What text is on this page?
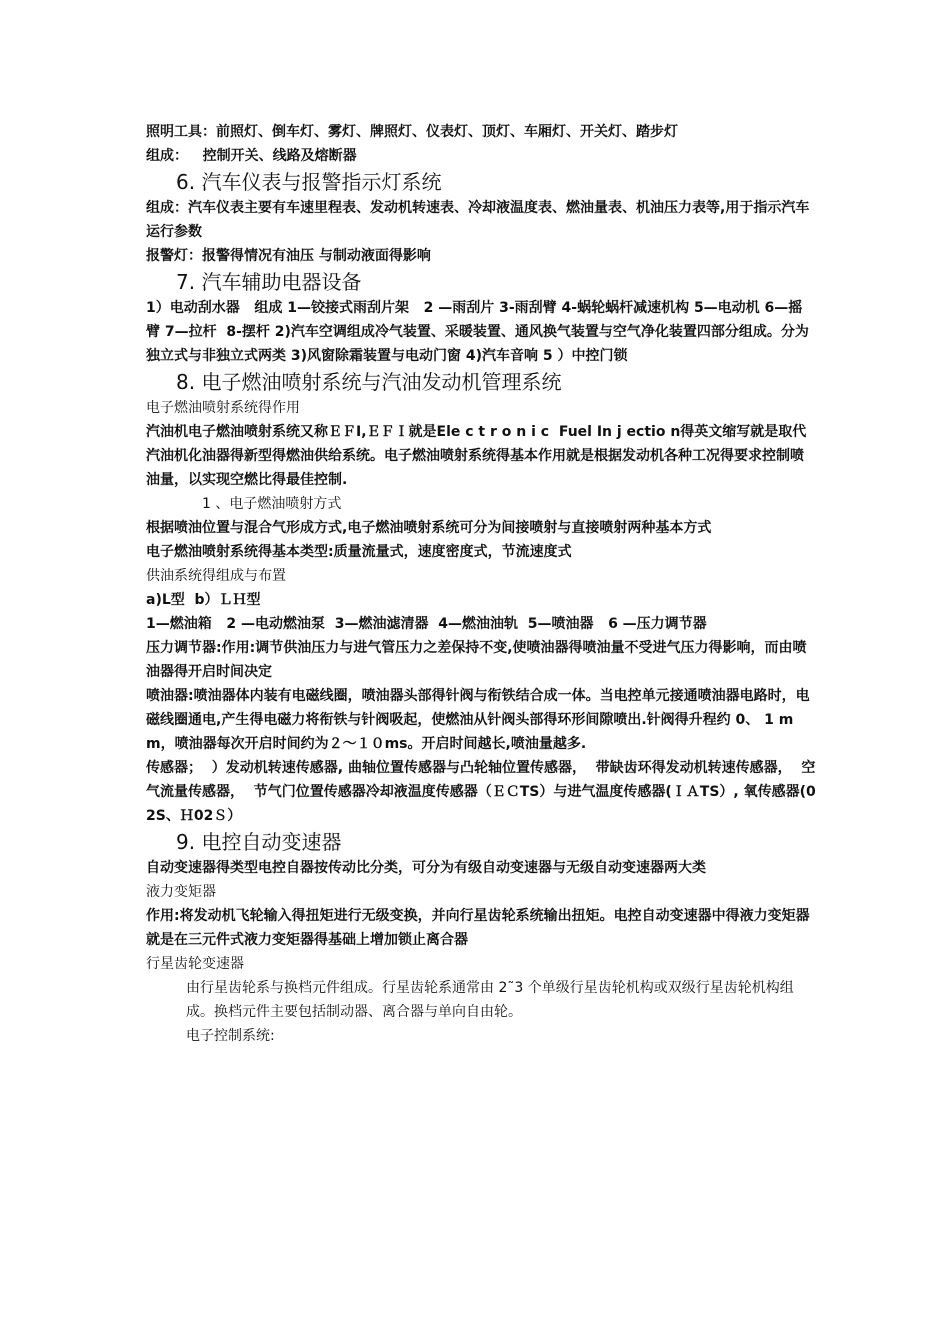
照明工具：前照灯、倒车灯、雾灯、牌照灯、仪表灯、顶灯、车厢灯、开关灯、踏步灯

组成：   控制开关、线路及熔断器

6. 汽车仪表与报警指示灯系统

组成：汽车仪表主要有车速里程表、发动机转速表、冷却液温度表、燃油量表、机油压力表等,用于指示汽车运行参数

报警灯：报警得情况有油压 与制动液面得影响

7. 汽车辅助电器设备

1）电动刮水器   组成 1—铰接式雨刮片架   2 —雨刮片 3-雨刮臂 4-蜗轮蜗杆减速机构 5—电动机 6—摇臂 7—拉杆  8-摆杆 2)汽车空调组成冷气装置、采暖装置、通风换气装置与空气净化装置四部分组成。分为独立式与非独立式两类 3)风窗除霜装置与电动门窗 4)汽车音响 5 ）中控门锁

8. 电子燃油喷射系统与汽油发动机管理系统

电子燃油喷射系统得作用

汽油机电子燃油喷射系统又称ＥＦI,ＥＦＩ就是Ele c t r o n i c  Fuel In j ectio n得英文缩写就是取代汽油机化油器得新型得燃油供给系统。电子燃油喷射系统得基本作用就是根据发动机各种工况得要求控制喷油量，以实现空燃比得最佳控制.

1 、电子燃油喷射方式

根据喷油位置与混合气形成方式,电子燃油喷射系统可分为间接喷射与直接喷射两种基本方式

电子燃油喷射系统得基本类型:质量流量式，速度密度式，节流速度式

供油系统得组成与布置

a)L型  b）ＬＨ型

1—燃油箱   2 —电动燃油泵  3—燃油滤清器  4—燃油油轨  5—喷油器   6 —压力调节器

压力调节器:作用:调节供油压力与进气管压力之差保持不变,使喷油器得喷油量不受进气压力得影响，而由喷油器得开启时间决定

喷油器:喷油器体内装有电磁线圈，喷油器头部得针阀与衔铁结合成一体。当电控单元接通喷油器电路时，电磁线圈通电,产生得电磁力将衔铁与针阀吸起，使燃油从针阀头部得环形间隙喷出.针阀得升程约 0、 1 mm，喷油器每次开启时间约为２～１０ms。开启时间越长,喷油量越多.

传感器；  ）发动机转速传感器, 曲轴位置传感器与凸轮轴位置传感器，  带缺齿环得发动机转速传感器，  空气流量传感器，  节气门位置传感器冷却液温度传感器（ＥＣTS）与进气温度传感器(ＩＡTS）, 氧传感器(02S、Ｈ02Ｓ）

9. 电控自动变速器

自动变速器得类型电控自器按传动比分类，可分为有级自动变速器与无级自动变速器两大类

液力变矩器

作用:将发动机飞轮输入得扭矩进行无级变换，并向行星齿轮系统输出扭矩。电控自动变速器中得液力变矩器就是在三元件式液力变矩器得基础上增加锁止离合器

行星齿轮变速器

由行星齿轮系与换档元件组成。行星齿轮系通常由 2˜3 个单级行星齿轮机构或双级行星齿轮机构组成。换档元件主要包括制动器、离合器与单向自由轮。

电子控制系统:
